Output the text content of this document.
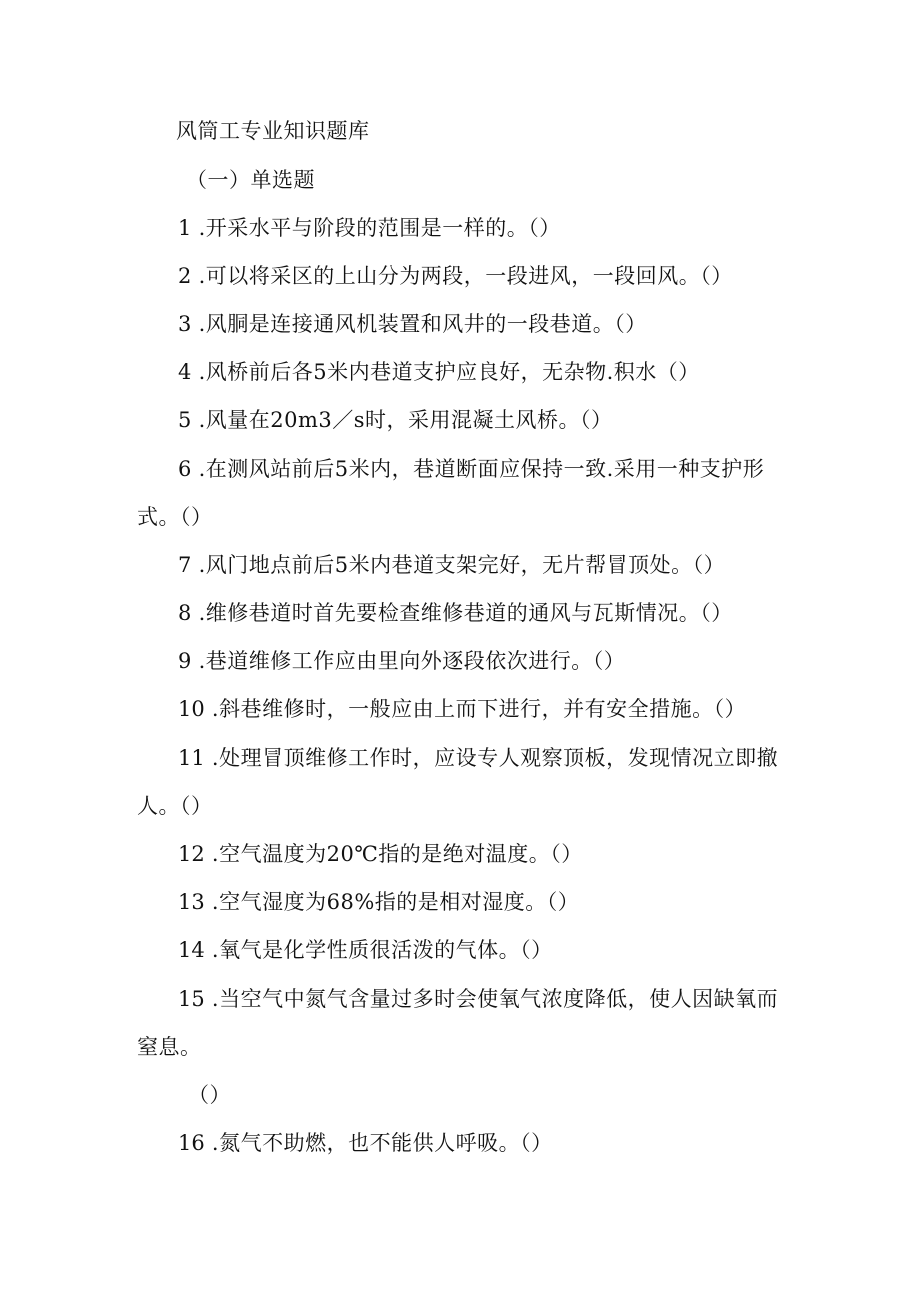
风筒工专业知识题库
（一）单选题
1 .开采水平与阶段的范围是一样的。（）
2 .可以将采区的上山分为两段，一段进风，一段回风。（）
3 .风胴是连接通风机装置和风井的一段巷道。（）
4 .风桥前后各5米内巷道支护应良好，无杂物.积水（）
5 .风量在20m3／s时，采用混凝土风桥。（）
6 .在测风站前后5米内，巷道断面应保持一致.采用一种支护形
式。（）
7 .风门地点前后5米内巷道支架完好，无片帮冒顶处。（）
8 .维修巷道时首先要检查维修巷道的通风与瓦斯情况。（）
9 .巷道维修工作应由里向外逐段依次进行。（）
10 .斜巷维修时，一般应由上而下进行，并有安全措施。（）
11 .处理冒顶维修工作时，应设专人观察顶板，发现情况立即撤
人。（）
12 .空气温度为20℃指的是绝对温度。（）
13 .空气湿度为68%指的是相对湿度。（）
14 .氧气是化学性质很活泼的气体。（）
15 .当空气中氮气含量过多时会使氧气浓度降低，使人因缺氧而
窒息。
（）
16 .氮气不助燃，也不能供人呼吸。（）
